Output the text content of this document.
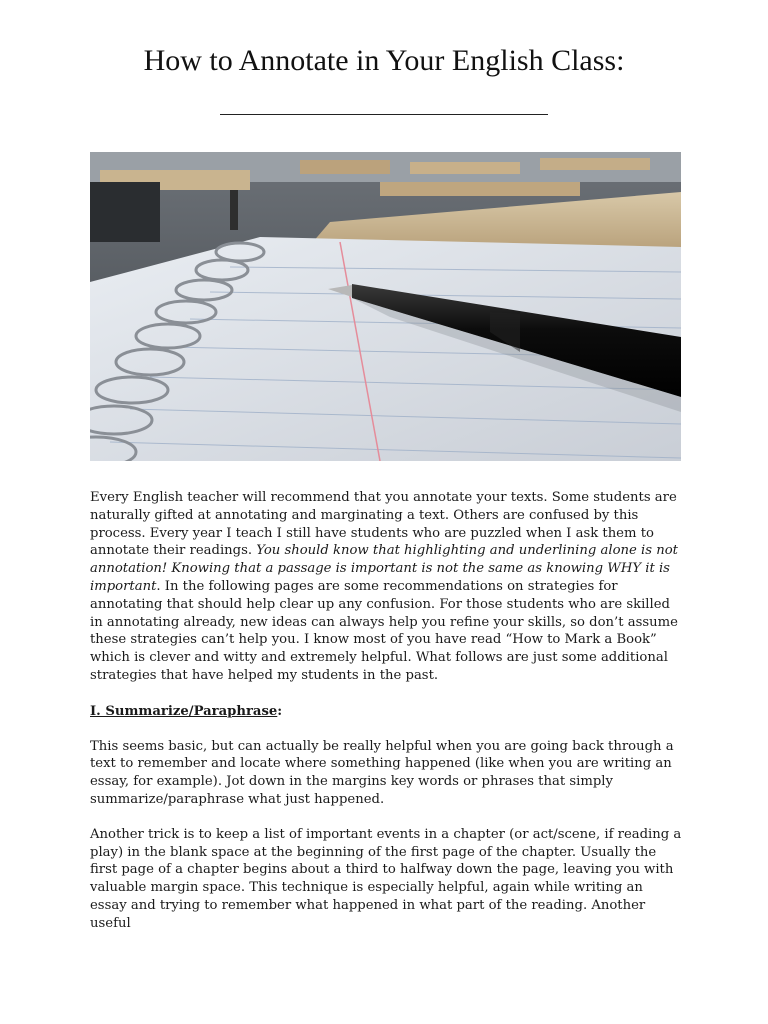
How to Annotate in Your English Class:

Every English teacher will recommend that you annotate your texts. Some students are naturally gifted at annotating and marginating a text. Others are confused by this process. Every year I teach I still have students who are puzzled when I ask them to annotate their readings. You should know that highlighting and underlining alone is not annotation! Knowing that a passage is important is not the same as knowing WHY it is important. In the following pages are some recommendations on strategies for annotating that should help clear up any confusion. For those students who are skilled in annotating already, new ideas can always help you refine your skills, so don’t assume these strategies can’t help you. I know most of you have read “How to Mark a Book” which is clever and witty and extremely helpful. What follows are just some additional strategies that have helped my students in the past.

I. Summarize/Paraphrase:

This seems basic, but can actually be really helpful when you are going back through a text to remember and locate where something happened (like when you are writing an essay, for example). Jot down in the margins key words or phrases that simply summarize/paraphrase what just happened.

Another trick is to keep a list of important events in a chapter (or act/scene, if reading a play) in the blank space at the beginning of the first page of the chapter. Usually the first page of a chapter begins about a third to halfway down the page, leaving you with valuable margin space. This technique is especially helpful, again while writing an essay and trying to remember what happened in what part of the reading. Another useful
